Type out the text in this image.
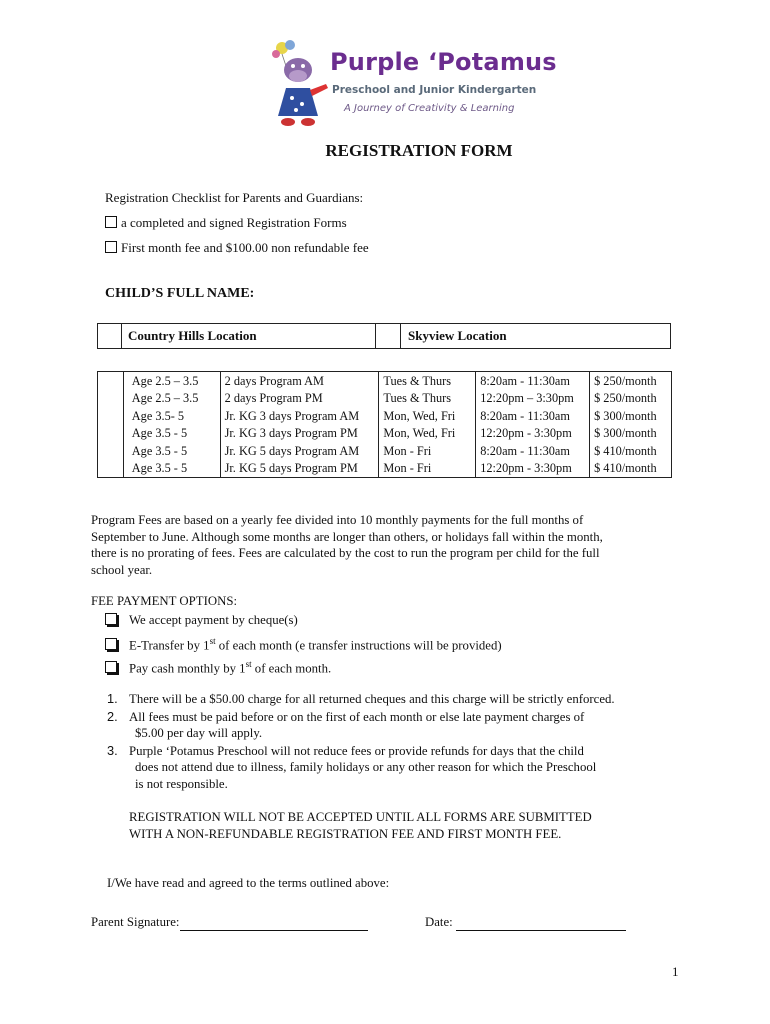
Purple ‘Potamus
Preschool and Junior Kindergarten
A Journey of Creativity & Learning
REGISTRATION FORM
Registration Checklist for Parents and Guardians:
a completed and signed Registration Forms
First month fee and $100.00 non refundable fee
CHILD’S FULL NAME:
Country Hills Location	Skyview Location
	Age 2.5 – 3.5	2 days Program AM	Tues & Thurs	8:20am - 11:30am	$ 250/month
	Age 2.5 – 3.5	2 days Program PM	Tues & Thurs	12:20pm – 3:30pm	$ 250/month
	Age 3.5- 5	Jr. KG 3 days Program AM	Mon, Wed, Fri	8:20am - 11:30am	$ 300/month
	Age 3.5 - 5	Jr. KG 3 days Program PM	Mon, Wed, Fri	12:20pm - 3:30pm	$ 300/month
	Age 3.5 - 5	Jr. KG 5 days Program AM	Mon - Fri	8:20am - 11:30am	$ 410/month
	Age 3.5 - 5	Jr. KG 5 days Program PM	Mon - Fri	12:20pm - 3:30pm	$ 410/month
Program Fees are based on a yearly fee divided into 10 monthly payments for the full months of
September to June. Although some months are longer than others, or holidays fall within the month,
there is no prorating of fees. Fees are calculated by the cost to run the program per child for the full
school year.
FEE PAYMENT OPTIONS:
We accept payment by cheque(s)
E-Transfer by 1st of each month (e transfer instructions will be provided)
Pay cash monthly by 1st of each month.
1. There will be a $50.00 charge for all returned cheques and this charge will be strictly enforced.
2. All fees must be paid before or on the first of each month or else late payment charges of
$5.00 per day will apply.
3. Purple ‘Potamus Preschool will not reduce fees or provide refunds for days that the child
does not attend due to illness, family holidays or any other reason for which the Preschool
is not responsible.
REGISTRATION WILL NOT BE ACCEPTED UNTIL ALL FORMS ARE SUBMITTED
WITH A NON-REFUNDABLE REGISTRATION FEE AND FIRST MONTH FEE.
I/We have read and agreed to the terms outlined above:
Parent Signature:	Date:
1
